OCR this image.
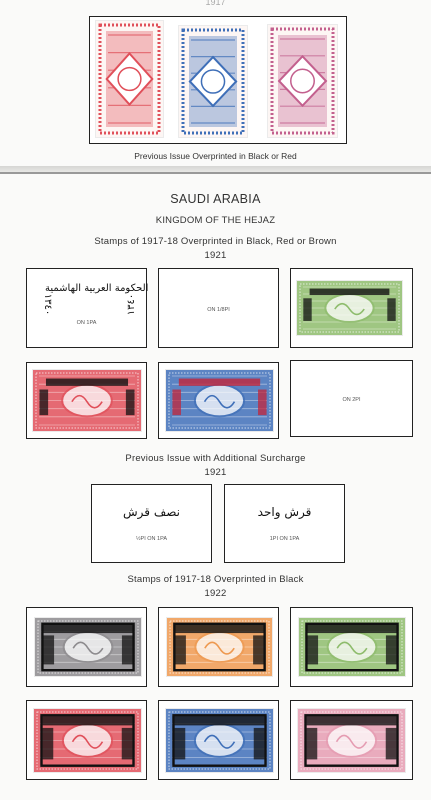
1917
Previous Issue Overprinted in Black or Red
SAUDI ARABIA
KINGDOM OF THE HEJAZ
Stamps of 1917-18 Overprinted in Black, Red or Brown
1921
الحكومة العربية الهاشمية
١٣٤٠	١٣٤٠
ON 1PA
ON 1/8PI
ON 2PI
Previous Issue with Additional Surcharge
1921
نصف قرش
½PI ON 1PA
قرش واحد
1PI ON 1PA
Stamps of 1917-18 Overprinted in Black
1922
